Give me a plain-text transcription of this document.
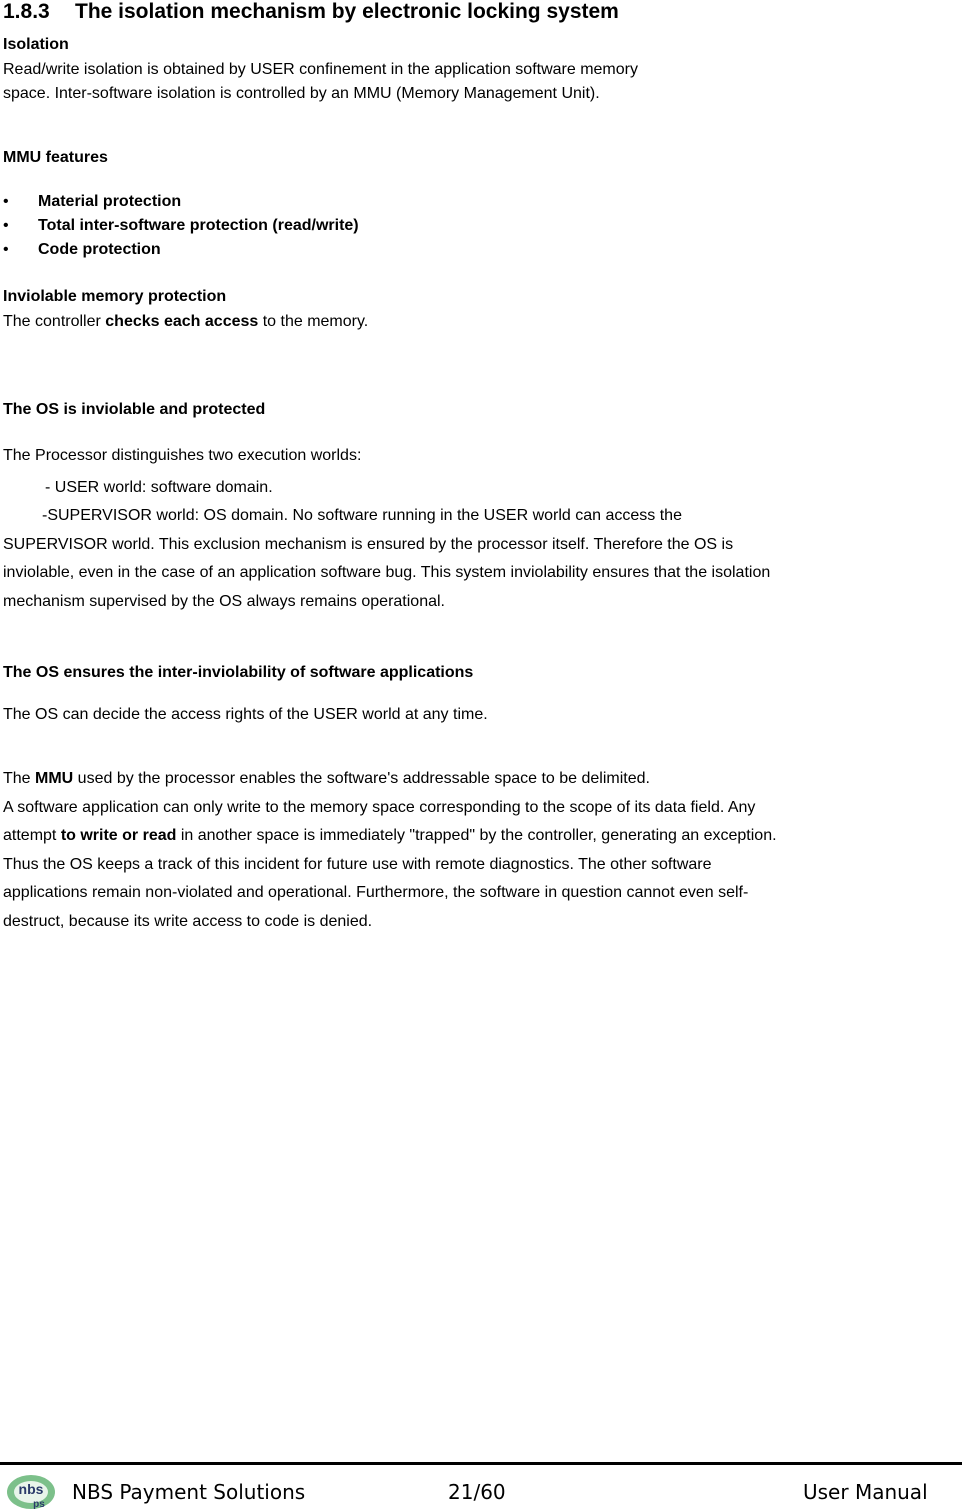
1.8.3 The isolation mechanism by electronic locking system
Isolation
Read/write isolation is obtained by USER confinement in the application software memory
space. Inter-software isolation is controlled by an MMU (Memory Management Unit).
MMU features
• Material protection
• Total inter-software protection (read/write)
• Code protection
Inviolable memory protection
The controller checks each access to the memory.
The OS is inviolable and protected
The Processor distinguishes two execution worlds:
- USER world: software domain.
-SUPERVISOR world: OS domain. No software running in the USER world can access the
SUPERVISOR world. This exclusion mechanism is ensured by the processor itself. Therefore the OS is
inviolable, even in the case of an application software bug. This system inviolability ensures that the isolation
mechanism supervised by the OS always remains operational.
The OS ensures the inter-inviolability of software applications
The OS can decide the access rights of the USER world at any time.
The MMU used by the processor enables the software's addressable space to be delimited.
A software application can only write to the memory space corresponding to the scope of its data field. Any
attempt to write or read in another space is immediately "trapped" by the controller, generating an exception.
Thus the OS keeps a track of this incident for future use with remote diagnostics. The other software
applications remain non-violated and operational. Furthermore, the software in question cannot even self-
destruct, because its write access to code is denied.
nbs
ps
NBS Payment Solutions	21/60	User Manual
